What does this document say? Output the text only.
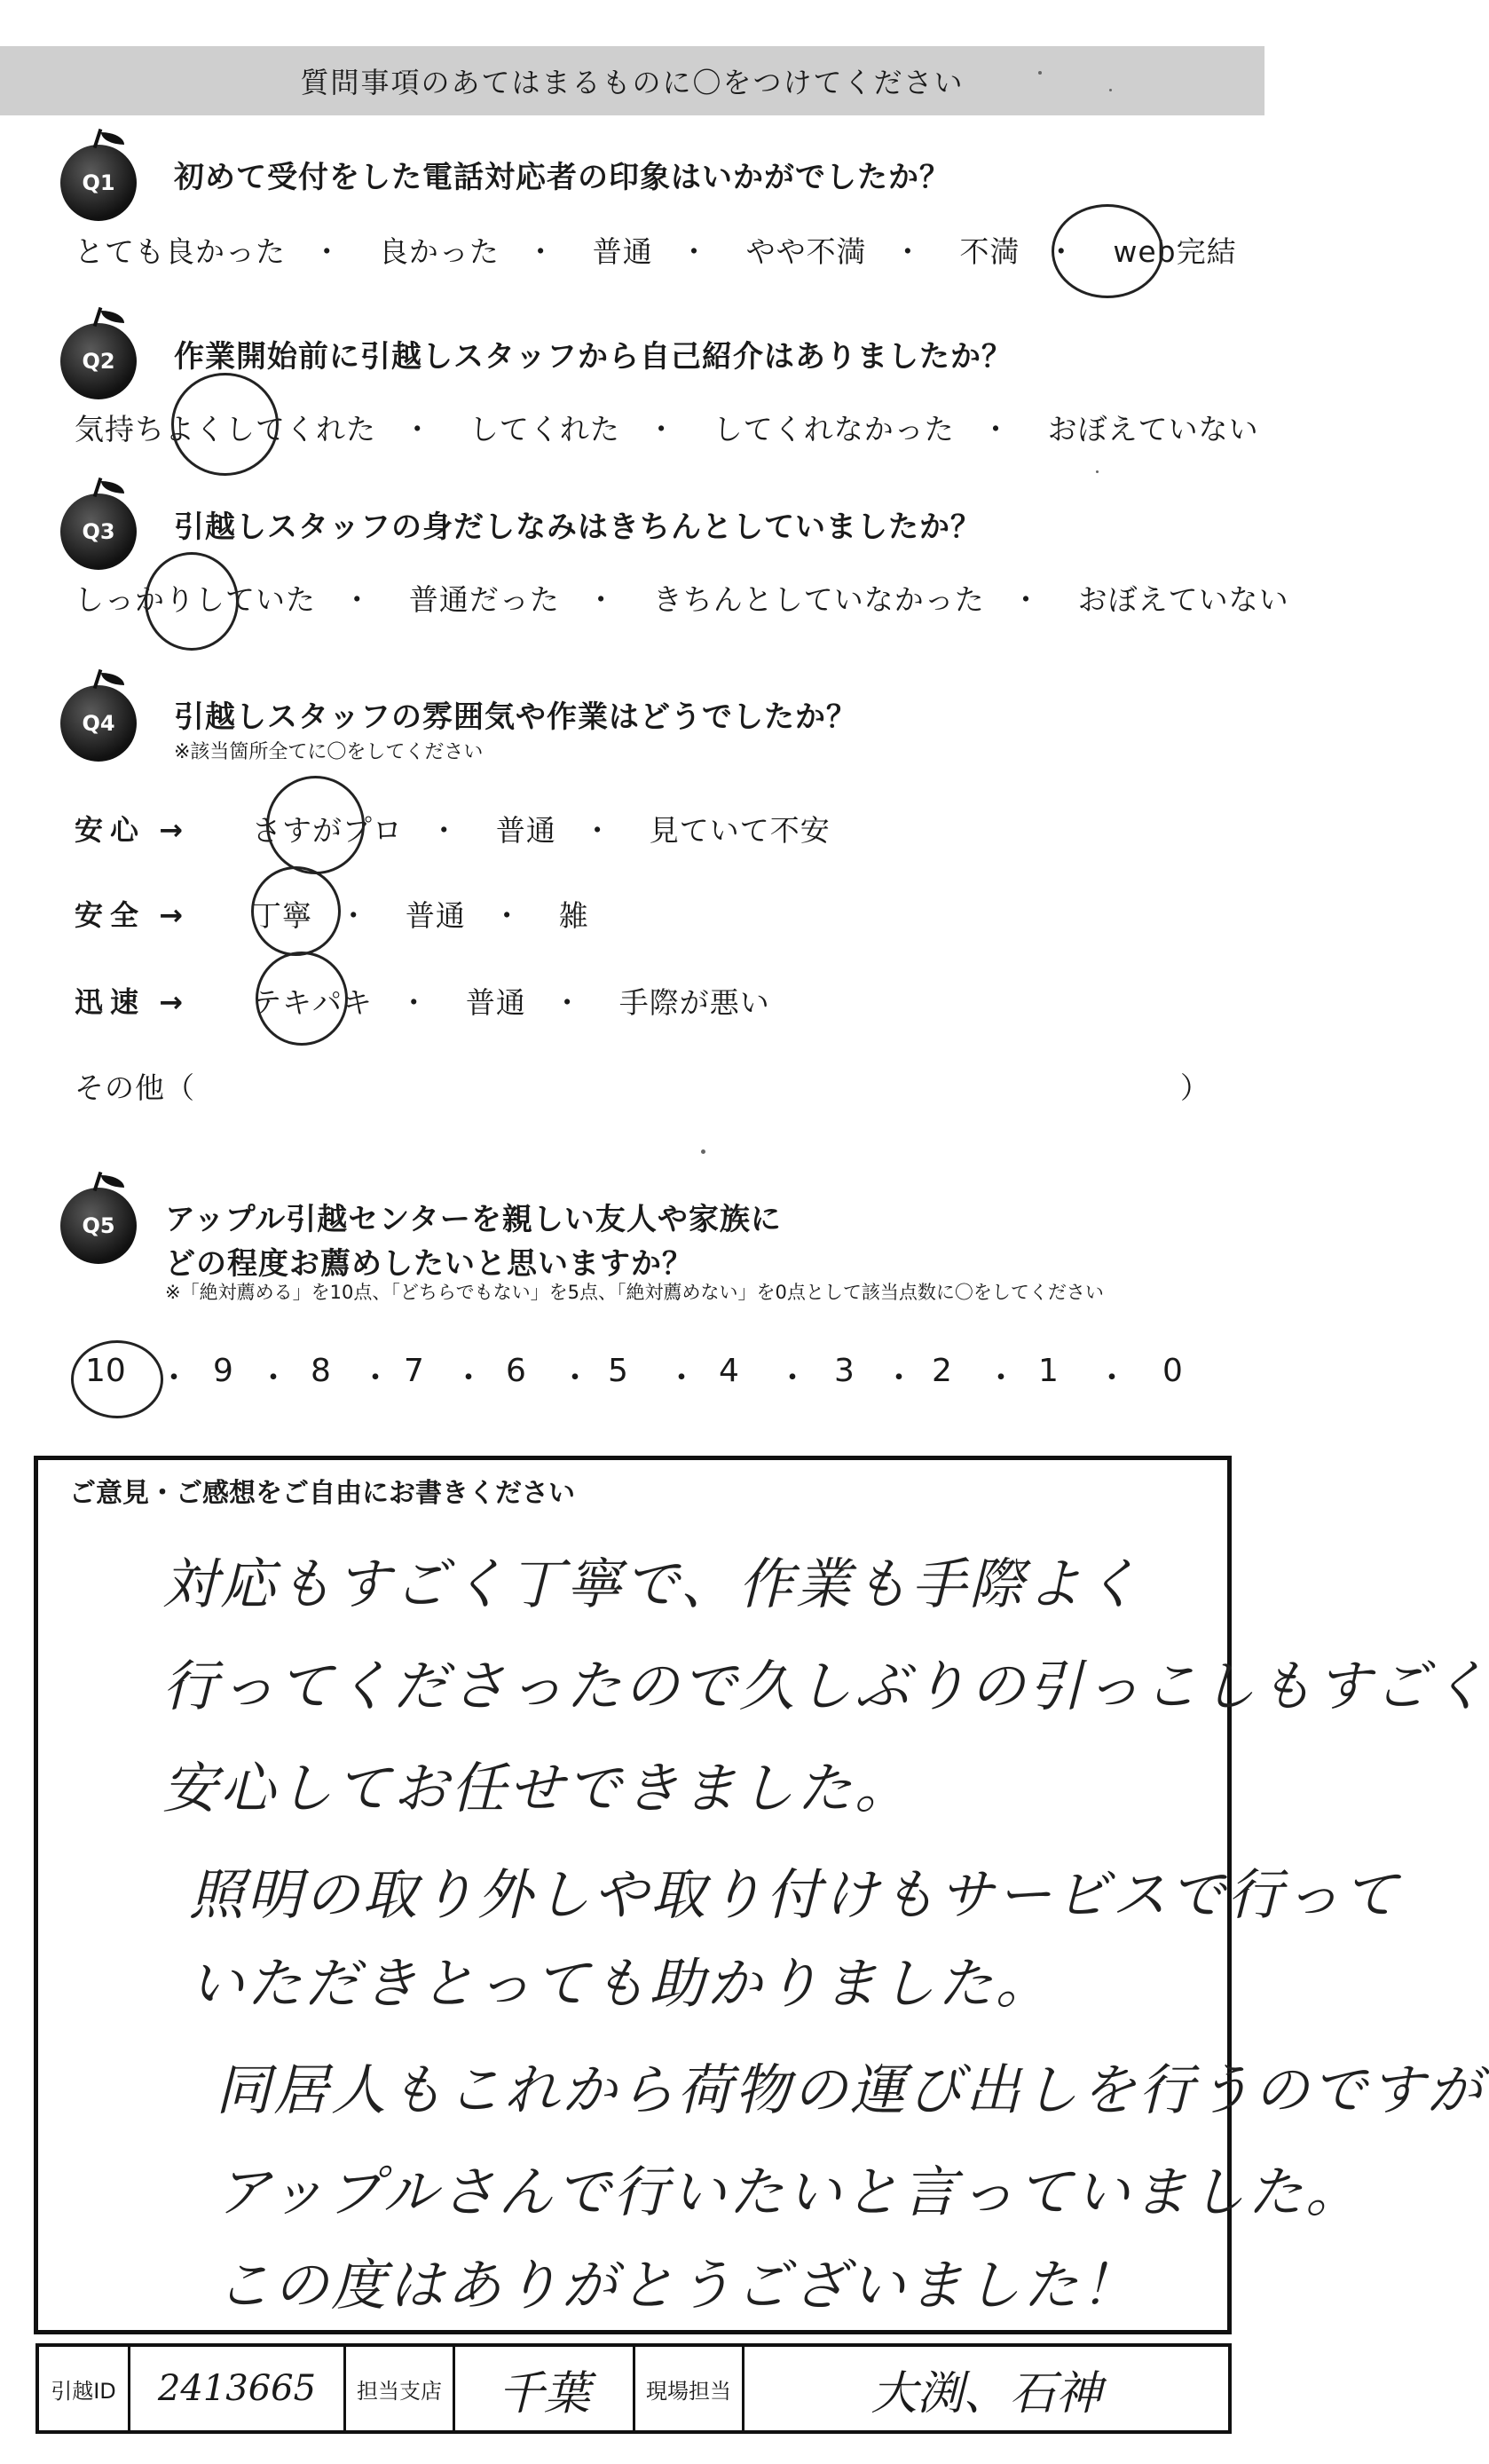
質問事項のあてはまるものに〇をつけてください
Q1 初めて受付をした電話対応者の印象はいかがでしたか？
とても良かった ・ 良かった ・ 普通 ・ やや不満 ・ 不満 ・ web完結
Q2 作業開始前に引越しスタッフから自己紹介はありましたか？
気持ちよくしてくれた ・ してくれた ・ してくれなかった ・ おぼえていない
Q3 引越しスタッフの身だしなみはきちんとしていましたか？
しっかりしていた ・ 普通だった ・ きちんとしていなかった ・ おぼえていない
Q4 引越しスタッフの雰囲気や作業はどうでしたか？
※該当箇所全てに〇をしてください
安心 → さすがプロ ・ 普通 ・ 見ていて不安
安全 → 丁寧 ・ 普通 ・ 雑
迅速 → テキパキ ・ 普通 ・ 手際が悪い
その他（	）
Q5 アップル引越センターを親しい友人や家族に
どの程度お薦めしたいと思いますか？
※「絶対薦める」を10点、「どちらでもない」を5点、「絶対薦めない」を0点として該当点数に〇をしてください
10 ・ 9 ・ 8 ・ 7 ・ 6 ・ 5 ・ 4 ・ 3 ・ 2 ・ 1 ・ 0
ご意見・ご感想をご自由にお書きください
対応もすごく丁寧で、作業も手際よく
行ってくださったので久しぶりの引っこしもすごく
安心してお任せできました。
照明の取り外しや取り付けもサービスで行って
いただきとっても助かりました。
同居人もこれから荷物の運び出しを行うのですが
アップルさんで行いたいと言っていました。
この度はありがとうございました！
引越ID	2413665	担当支店	千葉	現場担当	大渕、石神
